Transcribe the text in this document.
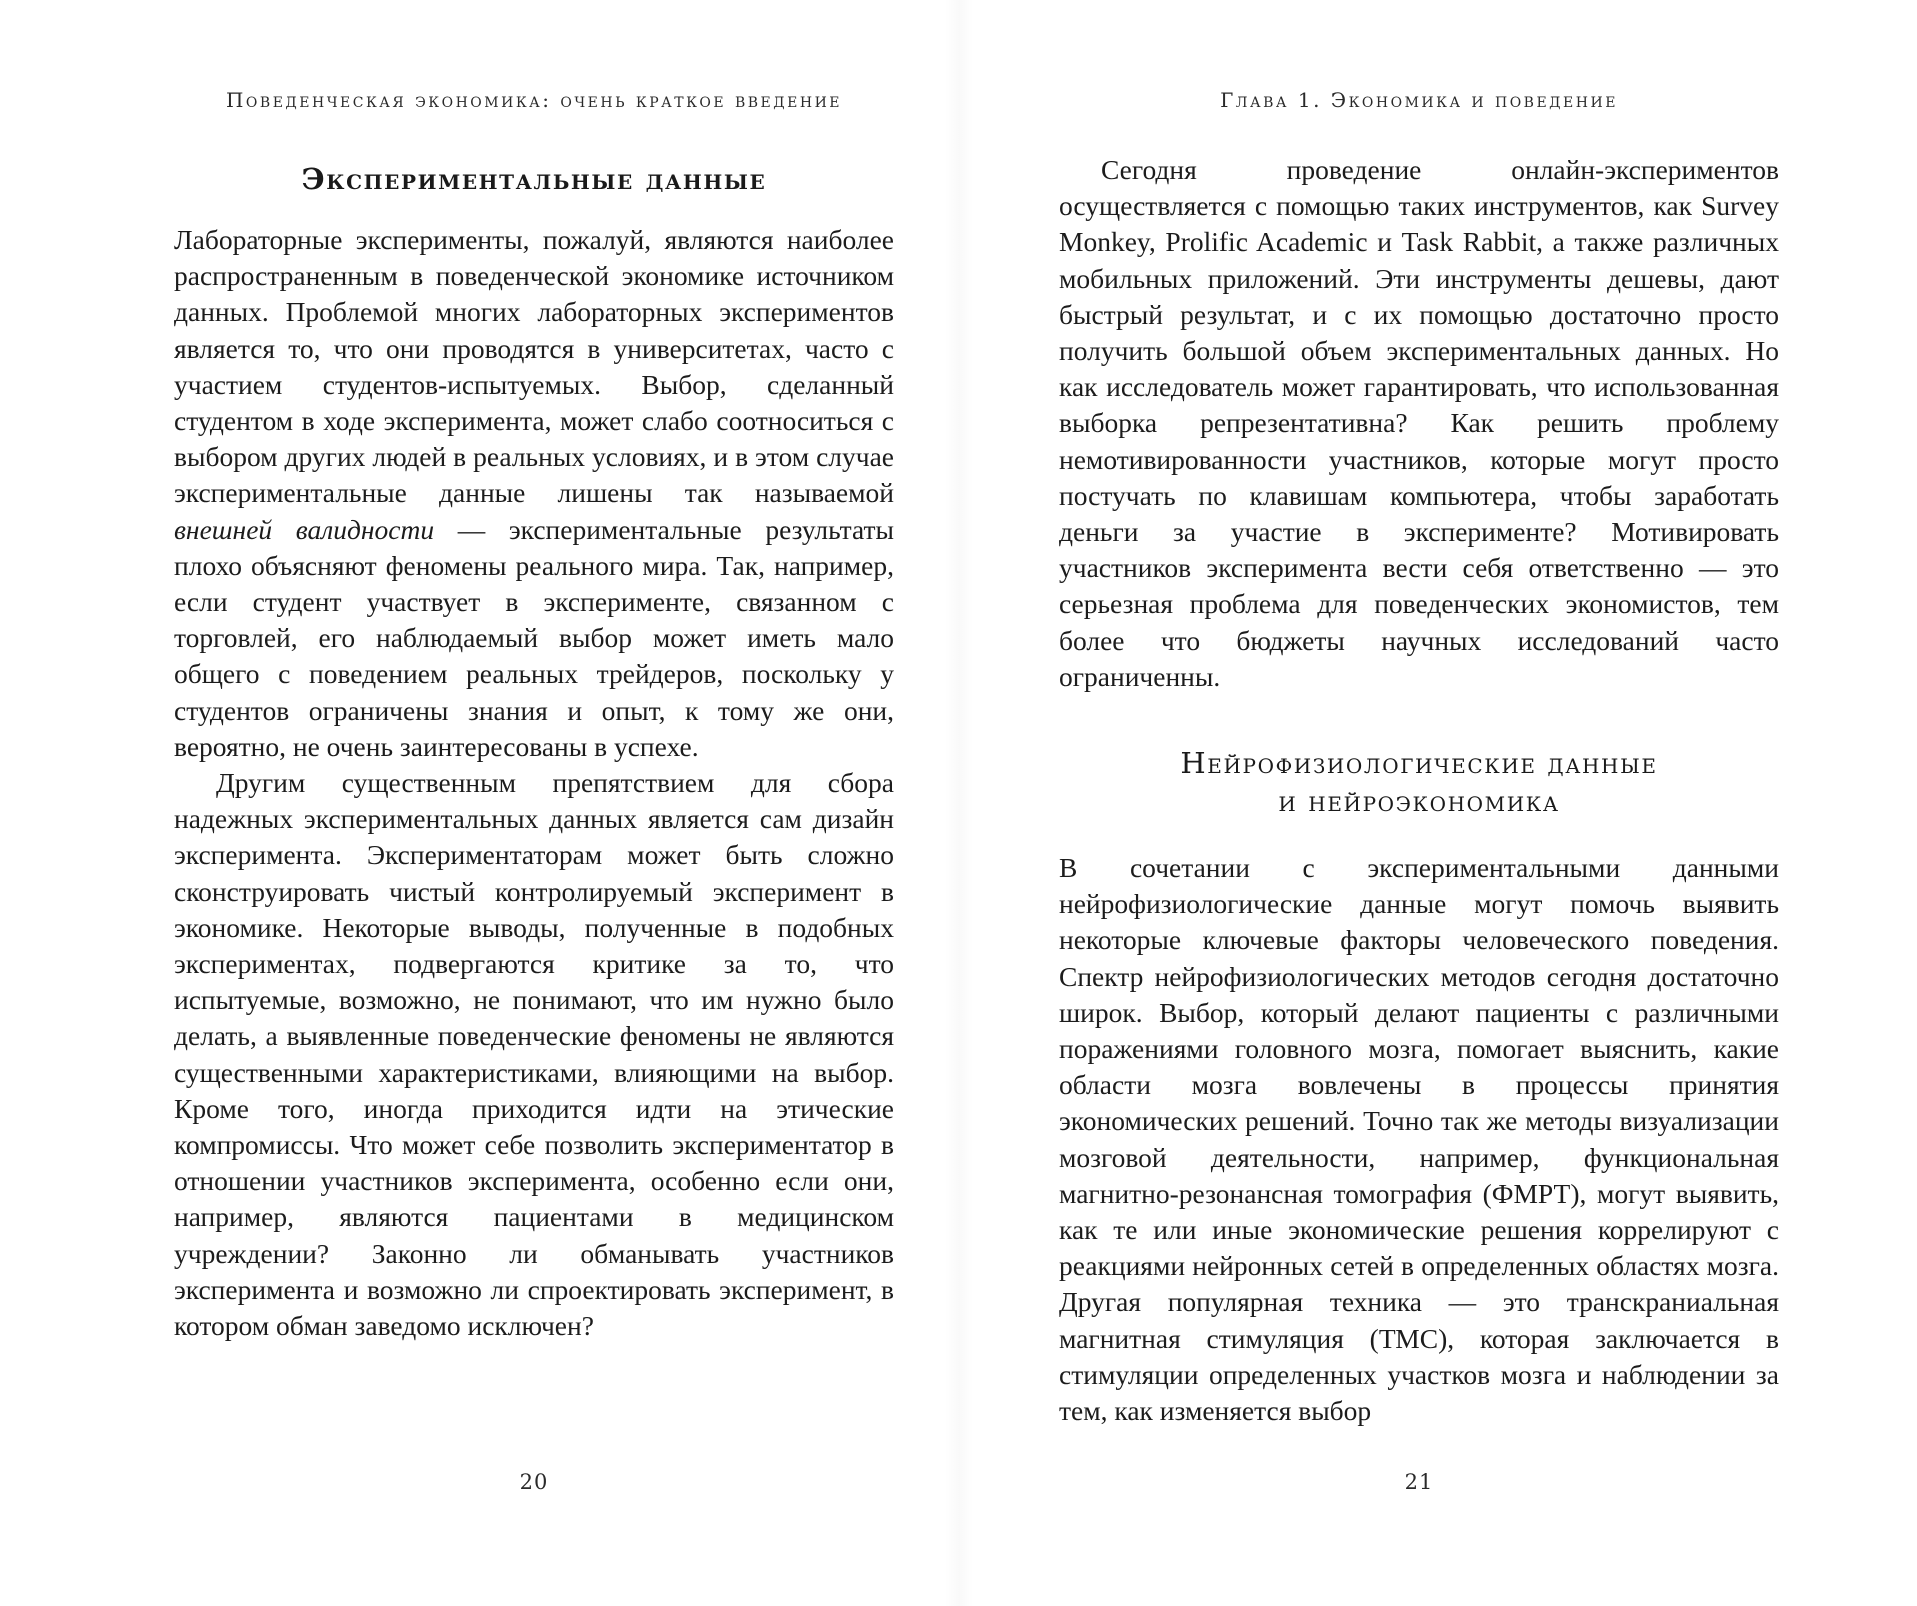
Поведенческая экономика: очень краткое введение
Экспериментальные данные

Лабораторные эксперименты, пожалуй, являются наиболее распространенным в поведенческой экономике источником данных. Проблемой многих лабораторных экспериментов является то, что они проводятся в университетах, часто с участием студентов-испытуемых. Выбор, сделанный студентом в ходе эксперимента, может слабо соотноситься с выбором других людей в реальных условиях, и в этом случае экспериментальные данные лишены так называемой внешней валидности — экспериментальные результаты плохо объясняют феномены реального мира. Так, например, если студент участвует в эксперименте, связанном с торговлей, его наблюдаемый выбор может иметь мало общего с поведением реальных трейдеров, поскольку у студентов ограничены знания и опыт, к тому же они, вероятно, не очень заинтересованы в успехе.

Другим существенным препятствием для сбора надежных экспериментальных данных является сам дизайн эксперимента. Экспериментаторам может быть сложно сконструировать чистый контролируемый эксперимент в экономике. Некоторые выводы, полученные в подобных экспериментах, подвергаются критике за то, что испытуемые, возможно, не понимают, что им нужно было делать, а выявленные поведенческие феномены не являются существенными характеристиками, влияющими на выбор. Кроме того, иногда приходится идти на этические компромиссы. Что может себе позволить экспериментатор в отношении участников эксперимента, особенно если они, например, являются пациентами в медицинском учреждении? Законно ли обманывать участников эксперимента и возможно ли спроектировать эксперимент, в котором обман заведомо исключен?

20
Глава 1. Экономика и поведение

Сегодня проведение онлайн-экспериментов осуществляется с помощью таких инструментов, как Survey Monkey, Prolific Academic и Task Rabbit, а также различных мобильных приложений. Эти инструменты дешевы, дают быстрый результат, и с их помощью достаточно просто получить большой объем экспериментальных данных. Но как исследователь может гарантировать, что использованная выборка репрезентативна? Как решить проблему немотивированности участников, которые могут просто постучать по клавишам компьютера, чтобы заработать деньги за участие в эксперименте? Мотивировать участников эксперимента вести себя ответственно — это серьезная проблема для поведенческих экономистов, тем более что бюджеты научных исследований часто ограниченны.

Нейрофизиологические данные
и нейроэкономика

В сочетании с экспериментальными данными нейрофизиологические данные могут помочь выявить некоторые ключевые факторы человеческого поведения. Спектр нейрофизиологических методов сегодня достаточно широк. Выбор, который делают пациенты с различными поражениями головного мозга, помогает выяснить, какие области мозга вовлечены в процессы принятия экономических решений. Точно так же методы визуализации мозговой деятельности, например, функциональная магнитно-резонансная томография (ФМРТ), могут выявить, как те или иные экономические решения коррелируют с реакциями нейронных сетей в определенных областях мозга. Другая популярная техника — это транскраниальная магнитная стимуляция (ТМС), которая заключается в стимуляции определенных участков мозга и наблюдении за тем, как изменяется выбор

21
